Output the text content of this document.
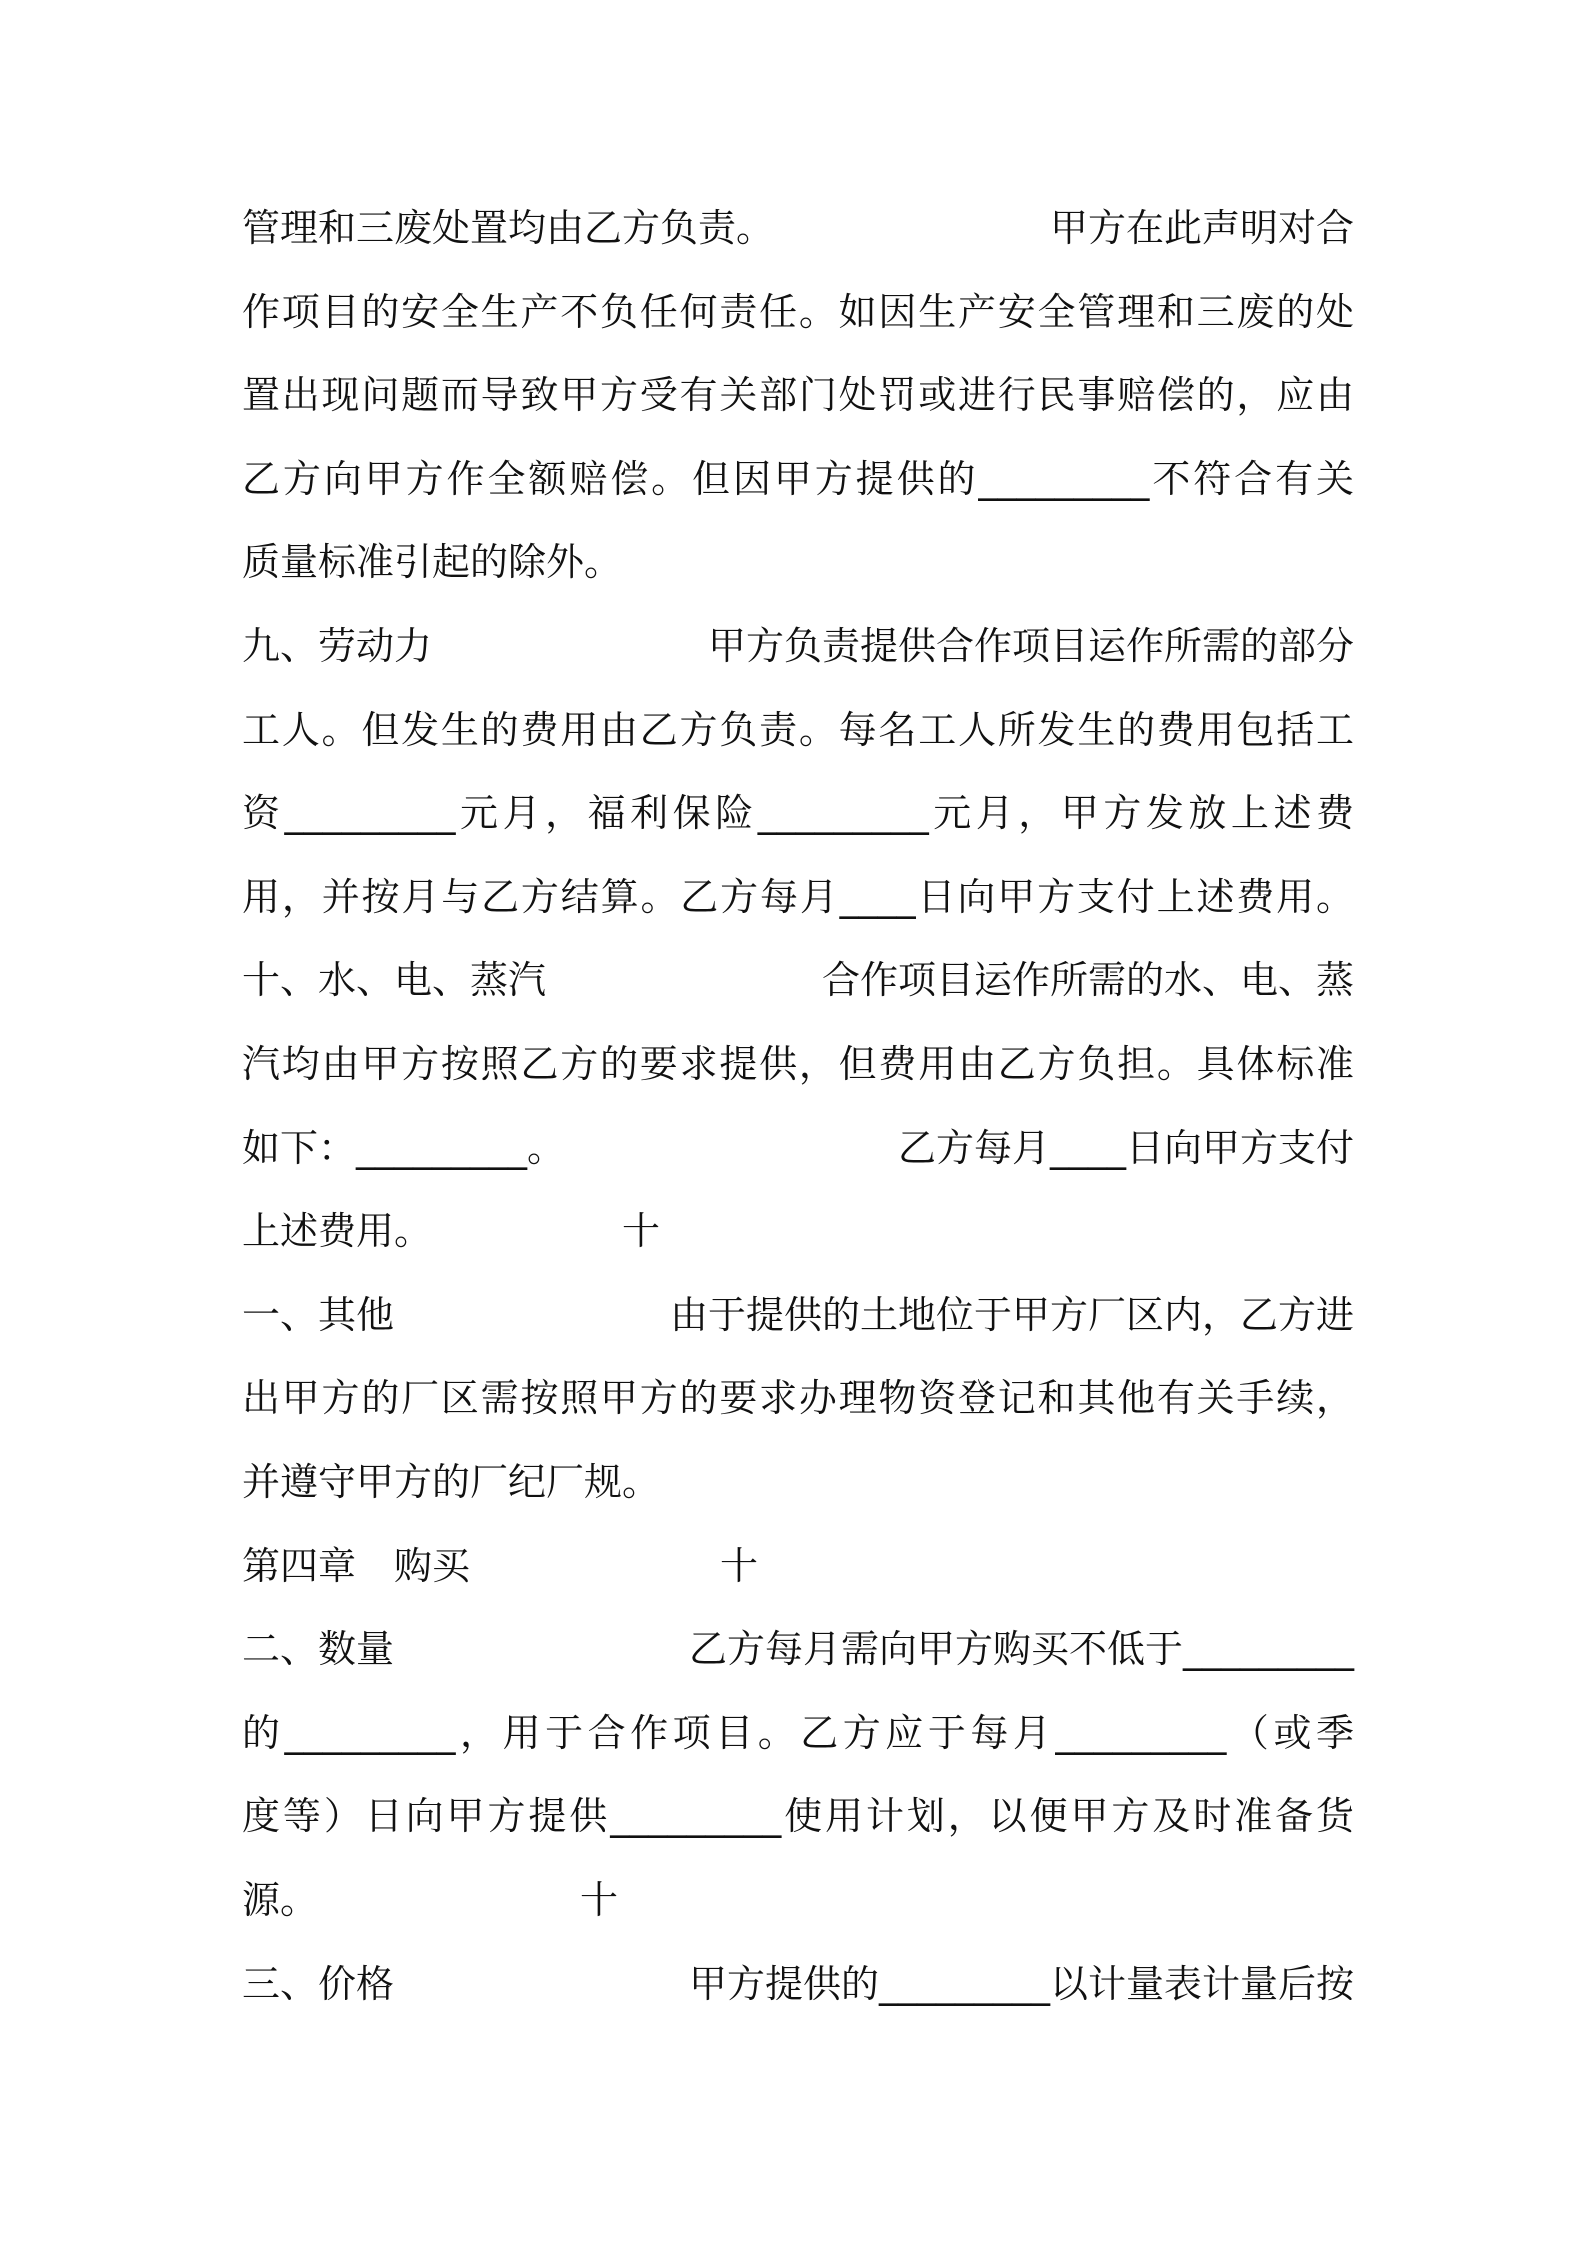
管理和三废处置均由乙方负责。	甲方在此声明对合
作项目的安全生产不负任何责任。如因生产安全管理和三废的处
置出现问题而导致甲方受有关部门处罚或进行民事赔偿的，应由
乙方向甲方作全额赔偿。但因甲方提供的_________不符合有关
质量标准引起的除外。
九、劳动力	甲方负责提供合作项目运作所需的部分
工人。但发生的费用由乙方负责。每名工人所发生的费用包括工
资_________元月，福利保险_________元月，甲方发放上述费
用，并按月与乙方结算。乙方每月____日向甲方支付上述费用。
十、水、电、蒸汽	合作项目运作所需的水、电、蒸
汽均由甲方按照乙方的要求提供，但费用由乙方负担。具体标准
如下：_________。	乙方每月____日向甲方支付
上述费用。	十
一、其他	由于提供的土地位于甲方厂区内，乙方进
出甲方的厂区需按照甲方的要求办理物资登记和其他有关手续，
并遵守甲方的厂纪厂规。
第四章　购买	十
二、数量	乙方每月需向甲方购买不低于_________
的_________，用于合作项目。乙方应于每月_________（或季
度等）日向甲方提供_________使用计划，以便甲方及时准备货
源。	十
三、价格	甲方提供的_________以计量表计量后按
